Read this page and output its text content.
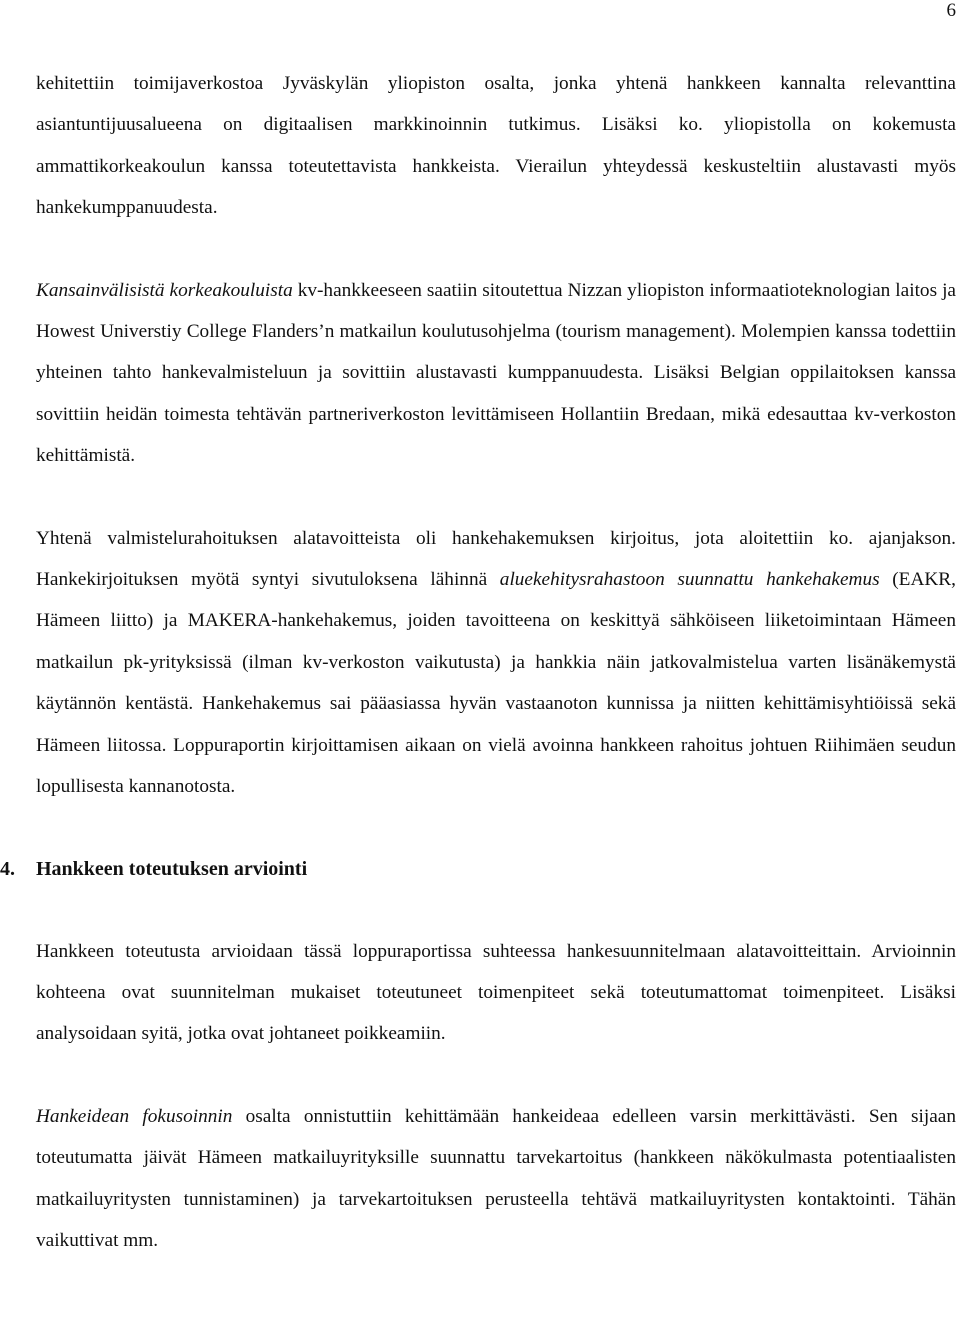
6

kehitettiin toimijaverkostoa Jyväskylän yliopiston osalta, jonka yhtenä hankkeen kannalta relevanttina asiantuntijuusalueena on digitaalisen markkinoinnin tutkimus. Lisäksi ko. yliopistolla on kokemusta ammattikorkeakoulun kanssa toteutettavista hankkeista. Vierailun yhteydessä keskusteltiin alustavasti myös hankekumppanuudesta.

Kansainvälisistä korkeakouluista kv-hankkeeseen saatiin sitoutettua Nizzan yliopiston informaatioteknologian laitos ja Howest Universtiy College Flanders’n matkailun koulutusohjelma (tourism management). Molempien kanssa todettiin yhteinen tahto hankevalmisteluun ja sovittiin alustavasti kumppanuudesta. Lisäksi Belgian oppilaitoksen kanssa sovittiin heidän toimesta tehtävän partneriverkoston levittämiseen Hollantiin Bredaan, mikä edesauttaa kv-verkoston kehittämistä.

Yhtenä valmistelurahoituksen alatavoitteista oli hankehakemuksen kirjoitus, jota aloitettiin ko. ajanjakson. Hankekirjoituksen myötä syntyi sivutuloksena lähinnä aluekehitysrahastoon suunnattu hankehakemus (EAKR, Hämeen liitto) ja MAKERA-hankehakemus, joiden tavoitteena on keskittyä sähköiseen liiketoimintaan Hämeen matkailun pk-yrityksissä (ilman kv-verkoston vaikutusta) ja hankkia näin jatkovalmistelua varten lisänäkemystä käytännön kentästä. Hankehakemus sai pääasiassa hyvän vastaanoton kunnissa ja niitten kehittämisyhtiöissä sekä Hämeen liitossa. Loppuraportin kirjoittamisen aikaan on vielä avoinna hankkeen rahoitus johtuen Riihimäen seudun lopullisesta kannanotosta.

4. Hankkeen toteutuksen arviointi

Hankkeen toteutusta arvioidaan tässä loppuraportissa suhteessa hankesuunnitelmaan alatavoitteittain. Arvioinnin kohteena ovat suunnitelman mukaiset toteutuneet toimenpiteet sekä toteutumattomat toimenpiteet. Lisäksi analysoidaan syitä, jotka ovat johtaneet poikkeamiin.

Hankeidean fokusoinnin osalta onnistuttiin kehittämään hankeideaa edelleen varsin merkittävästi. Sen sijaan toteutumatta jäivät Hämeen matkailuyrityksille suunnattu tarvekartoitus (hankkeen näkökulmasta potentiaalisten matkailuyritysten tunnistaminen) ja tarvekartoituksen perusteella tehtävä matkailuyritysten kontaktointi. Tähän vaikuttivat mm.
